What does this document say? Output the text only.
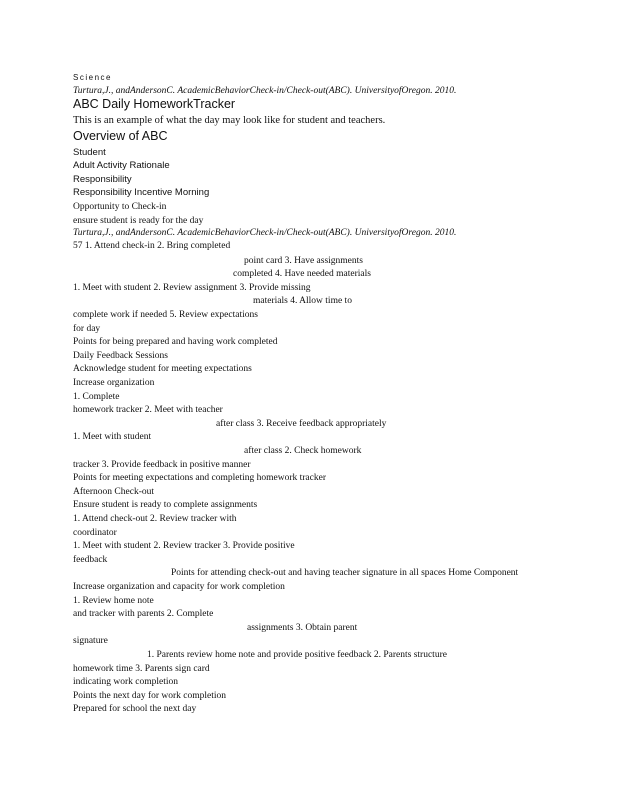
Science
Turtura,J., andAndersonC. AcademicBehaviorCheck-in/Check-out(ABC). UniversityofOregon. 2010.
ABC Daily HomeworkTracker
This is an example of what the day may look like for student and teachers.
Overview of ABC
Student
Adult Activity Rationale
Responsibility
Responsibility Incentive Morning
Opportunity to Check-in
ensure student is ready for the day
Turtura,J., andAndersonC. AcademicBehaviorCheck-in/Check-out(ABC). UniversityofOregon. 2010.
57 1. Attend check-in 2. Bring completed
point card 3. Have assignments
completed 4. Have needed materials
1. Meet with student 2. Review assignment 3. Provide missing
materials 4. Allow time to
complete work if needed 5. Review expectations
for day
Points for being prepared and having work completed
Daily Feedback Sessions
Acknowledge student for meeting expectations
Increase organization
1. Complete
homework tracker 2. Meet with teacher
after class 3. Receive feedback appropriately
1. Meet with student
after class 2. Check homework
tracker 3. Provide feedback in positive manner
Points for meeting expectations and completing homework tracker
Afternoon Check-out
Ensure student is ready to complete assignments
1. Attend check-out 2. Review tracker with
coordinator
1. Meet with student 2. Review tracker 3. Provide positive
feedback
Points for attending check-out and having teacher signature in all spaces Home Component
Increase organization and capacity for work completion
1. Review home note
and tracker with parents 2. Complete
assignments 3. Obtain parent
signature
1. Parents review home note and provide positive feedback 2. Parents structure
homework time 3. Parents sign card
indicating work completion
Points the next day for work completion
Prepared for school the next day
